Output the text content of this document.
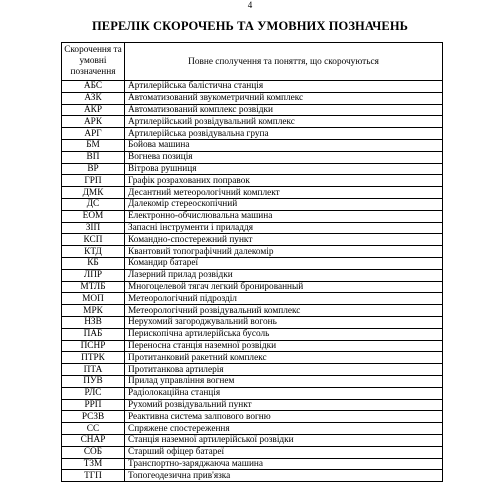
4
ПЕРЕЛІК СКОРОЧЕНЬ ТА УМОВНИХ ПОЗНАЧЕНЬ
Скорочення та умовні позначення	Повне сполучення та поняття, що скорочуються
АБС	Артилерійська балістична станція
АЗК	Автоматизований звукометричний комплекс
АКР	Автоматизований комплекс розвідки
АРК	Артилерійський розвідувальний комплекс
АРГ	Артилерійська розвідувальна група
БМ	Бойова машина
ВП	Вогнева позиція
ВР	Вітрова рушниця
ГРП	Графік розрахованих поправок
ДМК	Десантний метеорологічний комплект
ДС	Далекомір стереоскопічний
ЕОМ	Електронно-обчислювальна машина
ЗІП	Запасні інструменти і приладдя
КСП	Командно-спостережний пункт
КТД	Квантовий топографічний далекомір
КБ	Командир батареї
ЛПР	Лазерний прилад розвідки
МТЛБ	Многоцелевой тягач легкий бронированный
МОП	Метеорологічний підрозділ
МРК	Метеорологічний розвідувальний комплекс
НЗВ	Нерухомий загороджувальний вогонь
ПАБ	Перископічна артилерійська бусоль
ПСНР	Переносна станція наземної розвідки
ПТРК	Протитанковий ракетний комплекс
ПТА	Протитанкова артилерія
ПУВ	Прилад управління вогнем
РЛС	Радіолокаційна станція
РРП	Рухомий розвідувальний пункт
РСЗВ	Реактивна система залпового вогню
СС	Спряжене спостереження
СНАР	Станція наземної артилерійської розвідки
СОБ	Старший офіцер батареї
ТЗМ	Транспортно-заряджаюча машина
ТГП	Топогеодезична прив'язка
